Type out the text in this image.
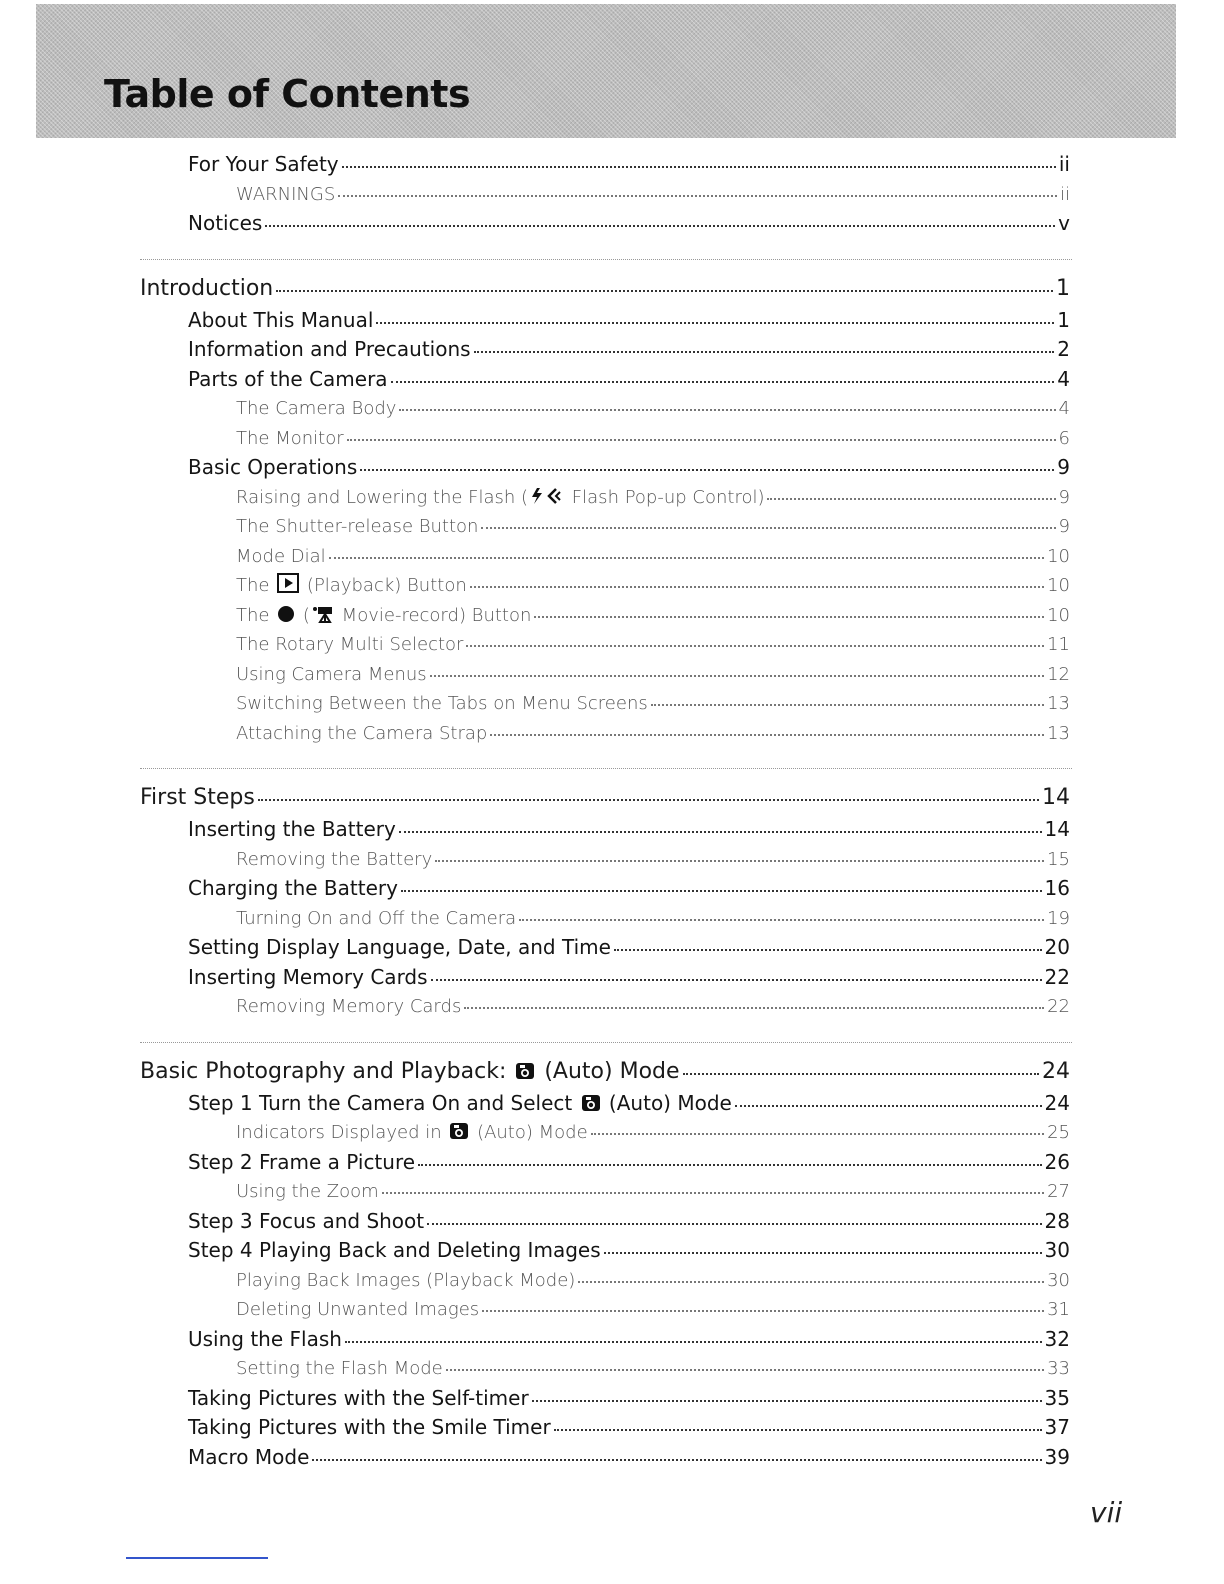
Table of Contents
For Your Safety	ii
WARNINGS	ii
Notices	v
Introduction	1
About This Manual	1
Information and Precautions	2
Parts of the Camera	4
The Camera Body	4
The Monitor	6
Basic Operations	9
Raising and Lowering the Flash ( Flash Pop-up Control)	9
The Shutter-release Button	9
Mode Dial	10
The  (Playback) Button	10
The  ( Movie-record) Button	10
The Rotary Multi Selector	11
Using Camera Menus	12
Switching Between the Tabs on Menu Screens	13
Attaching the Camera Strap	13
First Steps	14
Inserting the Battery	14
Removing the Battery	15
Charging the Battery	16
Turning On and Off the Camera	19
Setting Display Language, Date, and Time	20
Inserting Memory Cards	22
Removing Memory Cards	22
Basic Photography and Playback:  (Auto) Mode	24
Step 1 Turn the Camera On and Select  (Auto) Mode	24
Indicators Displayed in  (Auto) Mode	25
Step 2 Frame a Picture	26
Using the Zoom	27
Step 3 Focus and Shoot	28
Step 4 Playing Back and Deleting Images	30
Playing Back Images (Playback Mode)	30
Deleting Unwanted Images	31
Using the Flash	32
Setting the Flash Mode	33
Taking Pictures with the Self-timer	35
Taking Pictures with the Smile Timer	37
Macro Mode	39
vii
